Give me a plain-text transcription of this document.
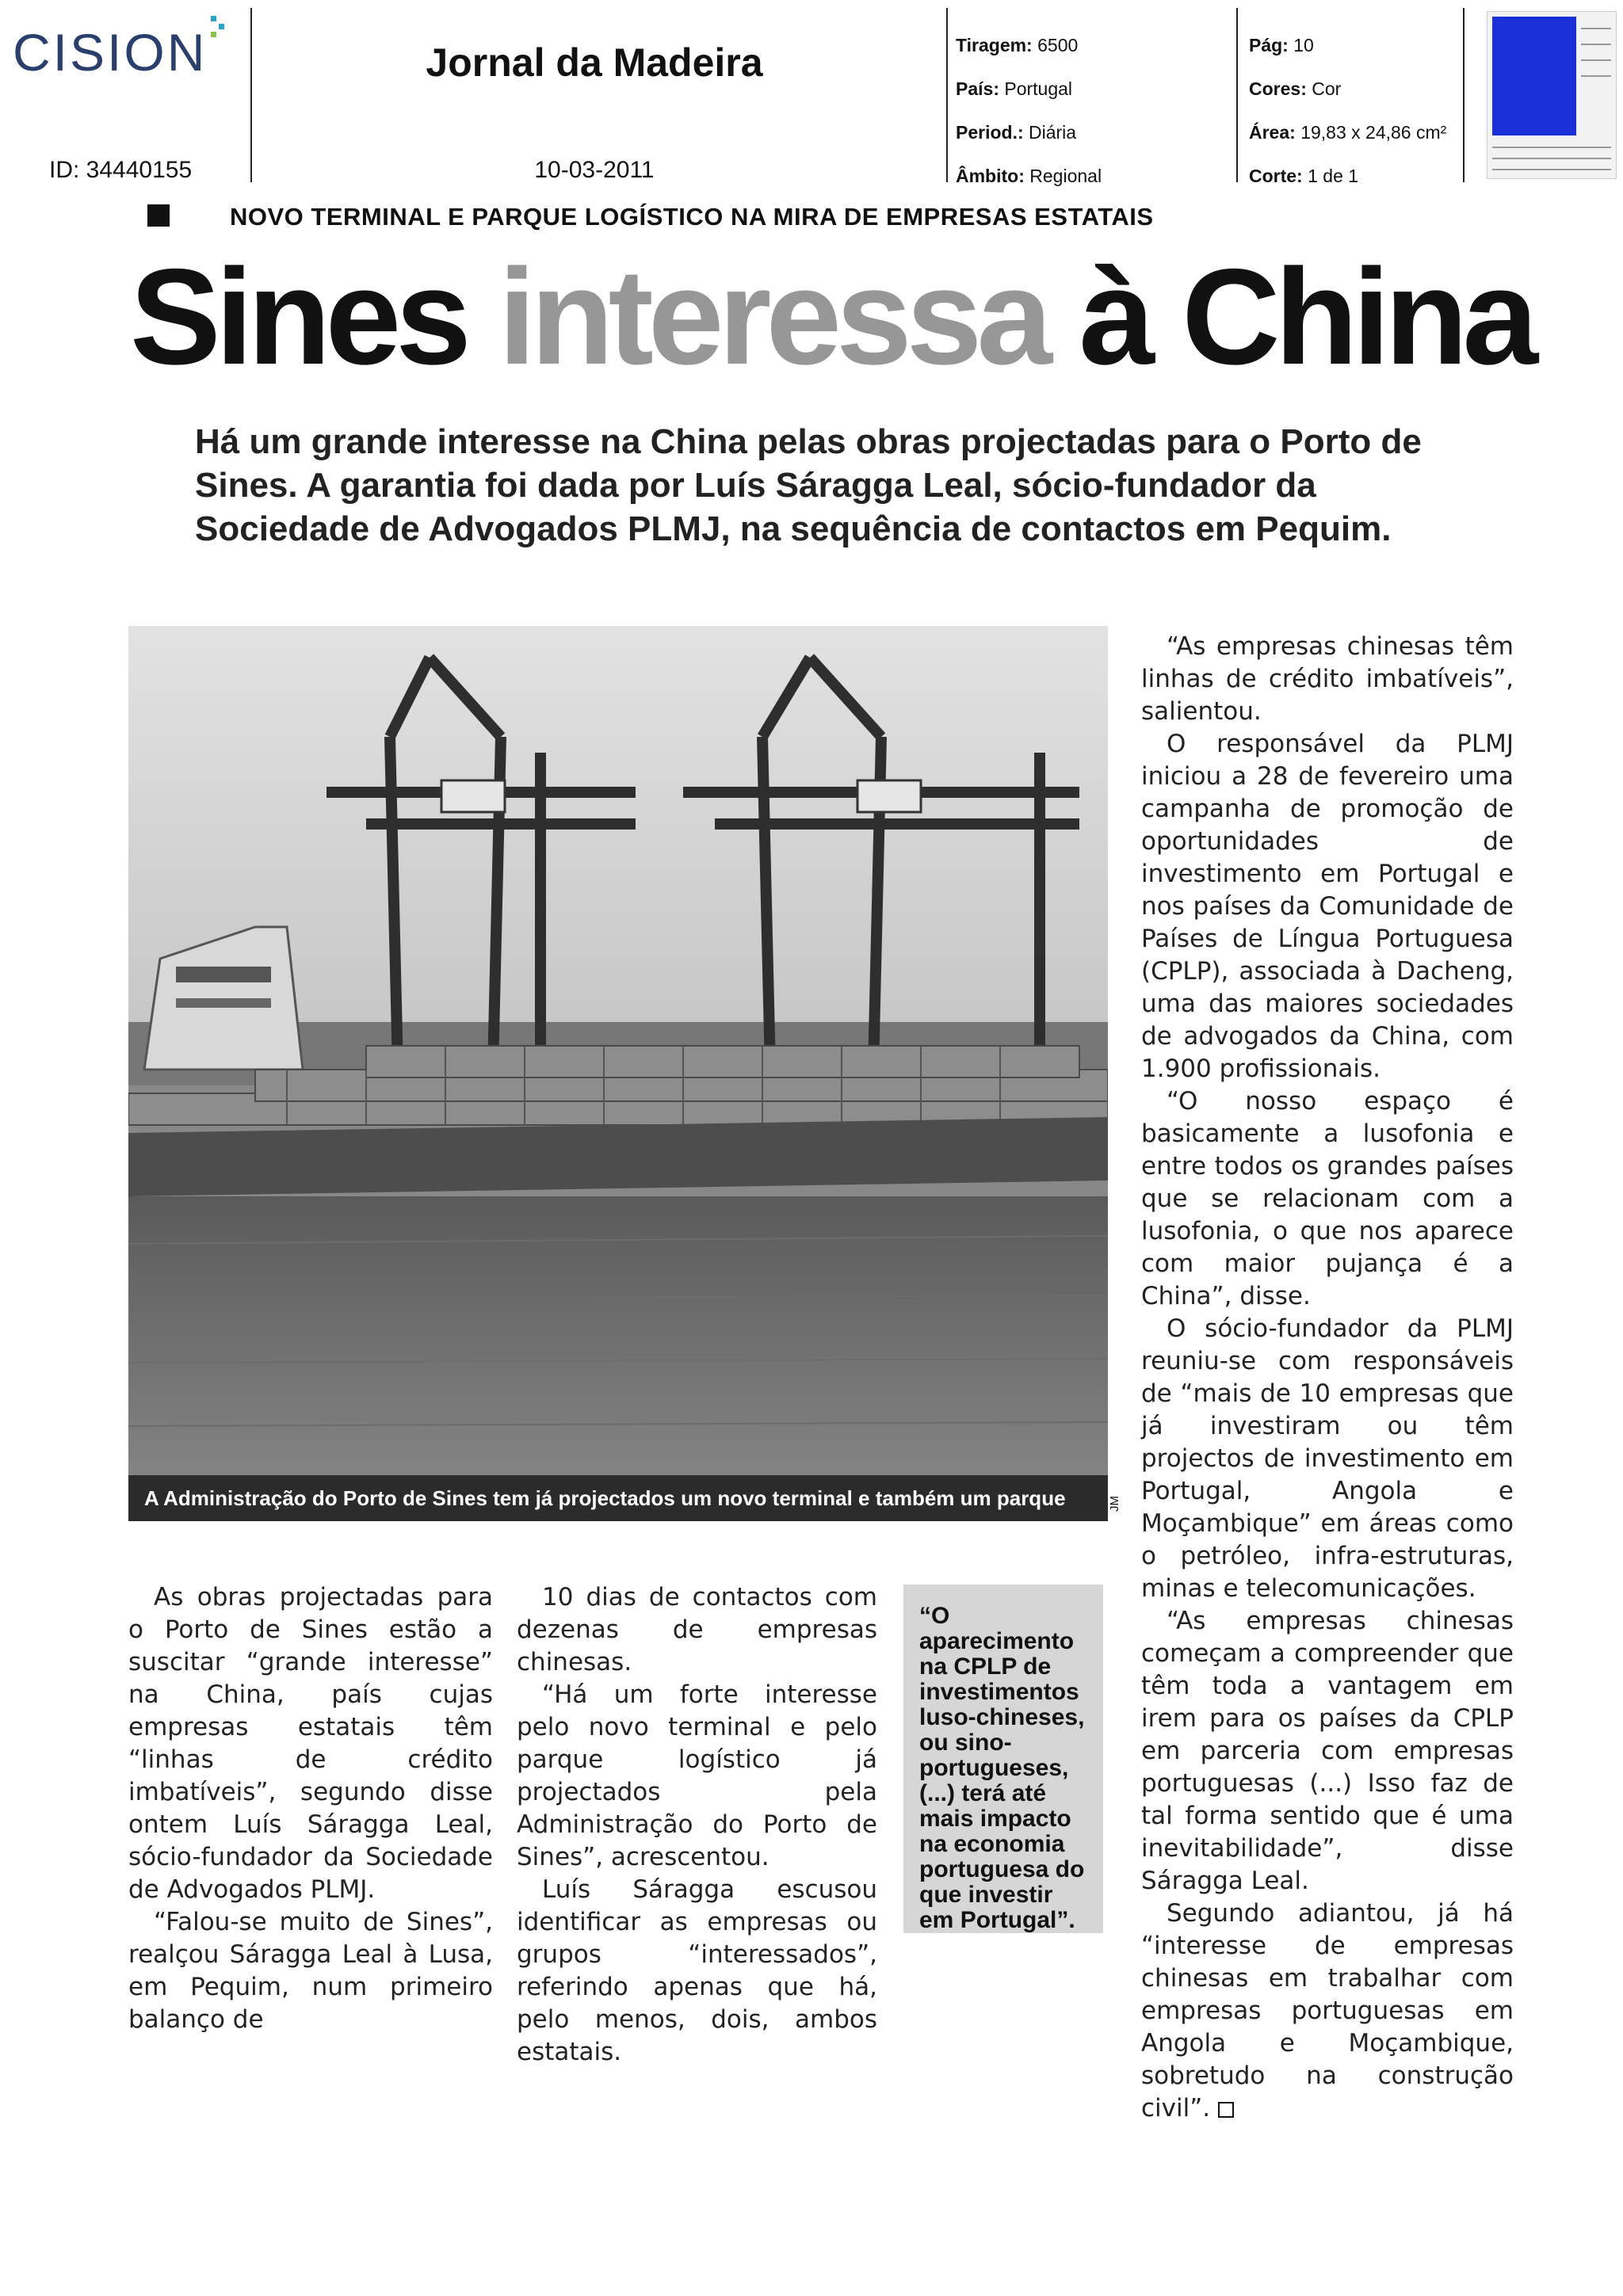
CISION
ID: 34440155
Jornal da Madeira
10-03-2011
Tiragem: 6500
País: Portugal
Period.: Diária
Âmbito: Regional
Pág: 10
Cores: Cor
Área: 19,83 x 24,86 cm²
Corte: 1 de 1
NOVO TERMINAL E PARQUE LOGÍSTICO NA MIRA DE EMPRESAS ESTATAIS
Sines interessa à China
Há um grande interesse na China pelas obras projectadas para o Porto de Sines. A garantia foi dada por Luís Sáragga Leal, sócio-fundador da Sociedade de Advogados PLMJ, na sequência de contactos em Pequim.
A Administração do Porto de Sines tem já projectados um novo terminal e também um parque logístico.
JM

As obras projectadas para o Porto de Sines estão a suscitar “grande interesse” na China, país cujas empresas estatais têm “linhas de crédito imbatíveis”, segundo disse ontem Luís Sáragga Leal, sócio-fundador da Sociedade de Advogados PLMJ.

“Falou-se muito de Sines”, realçou Sáragga Leal à Lusa, em Pequim, num primeiro balanço de

10 dias de contactos com dezenas de empresas chinesas.

“Há um forte interesse pelo novo terminal e pelo parque logístico já projectados pela Administração do Porto de Sines”, acrescentou.

Luís Sáragga escusou identificar as empresas ou grupos “interessados”, referindo apenas que há, pelo menos, dois, ambos estatais.

“O aparecimento na CPLP de investimentos luso-chineses, ou sino-portugueses, (...) terá até mais impacto na economia portuguesa do que investir em Portugal”.

“As empresas chinesas têm linhas de crédito imbatíveis”, salientou.

O responsável da PLMJ iniciou a 28 de fevereiro uma campanha de promoção de oportunidades de investimento em Portugal e nos países da Comunidade de Países de Língua Portuguesa (CPLP), associada à Dacheng, uma das maiores sociedades de advogados da China, com 1.900 profissionais.

“O nosso espaço é basicamente a lusofonia e entre todos os grandes países que se relacionam com a lusofonia, o que nos aparece com maior pujança é a China”, disse.

O sócio-fundador da PLMJ reuniu-se com responsáveis de “mais de 10 empresas que já investiram ou têm projectos de investimento em Portugal, Angola e Moçambique” em áreas como o petróleo, infra-estruturas, minas e telecomunicações.

“As empresas chinesas começam a compreender que têm toda a vantagem em irem para os países da CPLP em parceria com empresas portuguesas (...) Isso faz de tal forma sentido que é uma inevitabilidade”, disse Sáragga Leal.

Segundo adiantou, já há “interesse de empresas chinesas em trabalhar com empresas portuguesas em Angola e Moçambique, sobretudo na construção civil”.
